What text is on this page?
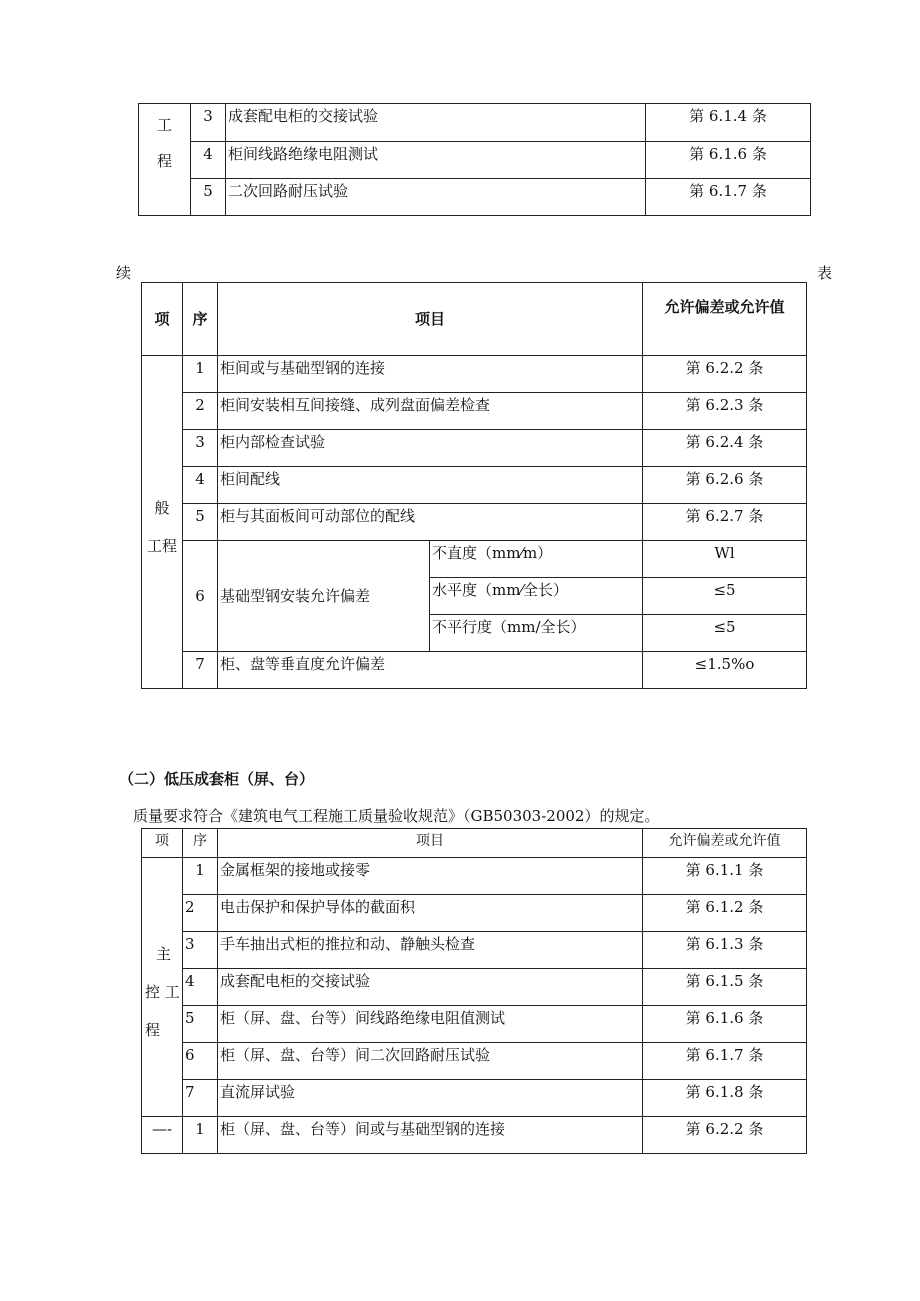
工
程	3	成套配电柜的交接试验	第 6.1.4 条
	4	柜间线路绝缘电阻测试	第 6.1.6 条
	5	二次回路耐压试验	第 6.1.7 条
续	表
项	序	项目		允许偏差或允许值

般
工程	1	柜间或与基础型钢的连接		第 6.2.2 条
	2	柜间安装相互间接缝、成列盘面偏差检查		第 6.2.3 条
	3	柜内部检查试验		第 6.2.4 条
	4	柜间配线		第 6.2.6 条
	5	柜与其面板间可动部位的配线		第 6.2.7 条
	6	基础型钢安装允许偏差	不直度（mm⁄m）	Wl
			水平度（mm⁄全长）	≤5
			不平行度（mm/全长）	≤5
	7	柜、盘等垂直度允许偏差		≤1.5%o
（二）低压成套柜（屏、台）
质量要求符合《建筑电气工程施工质量验收规范》（GB50303-2002）的规定。
项	序	项目	允许偏差或允许值

主
控 工
程	1	金属框架的接地或接零	第 6.1.1 条
	2	电击保护和保护导体的截面积	第 6.1.2 条
	3	手车抽出式柜的推拉和动、静触头检查	第 6.1.3 条
	4	成套配电柜的交接试验	第 6.1.5 条
	5	柜（屏、盘、台等）间线路绝缘电阻值测试	第 6.1.6 条
	6	柜（屏、盘、台等）间二次回路耐压试验	第 6.1.7 条
	7	直流屏试验	第 6.1.8 条
—-	1	柜（屏、盘、台等）间或与基础型钢的连接	第 6.2.2 条
